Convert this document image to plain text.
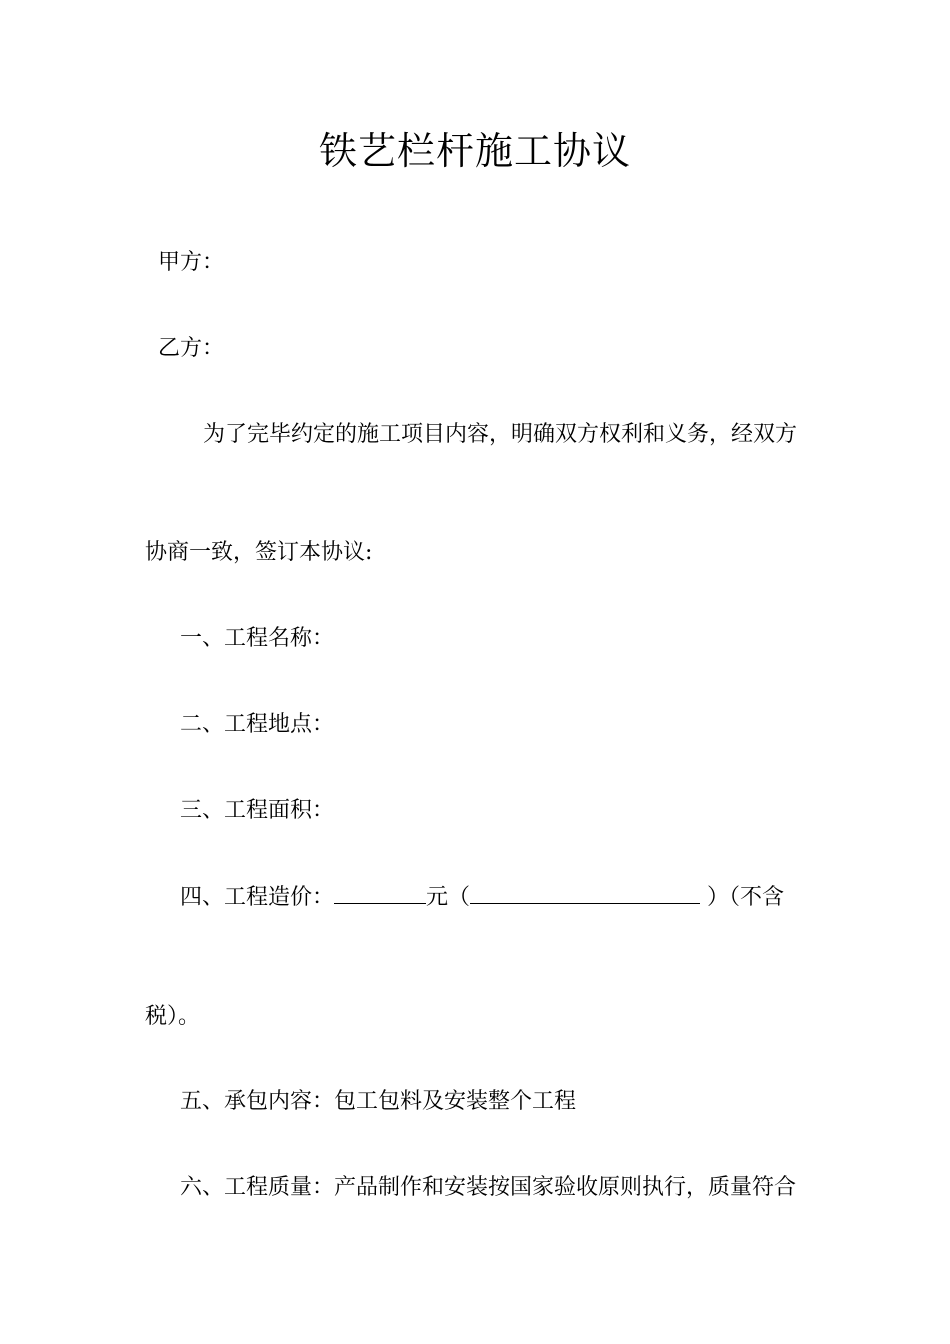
铁艺栏杆施工协议
甲方：
乙方：
为了完毕约定的施工项目内容，明确双方权利和义务，经双方
协商一致，签订本协议:
一、工程名称：
二、工程地点：
三、工程面积：
四、工程造价：	元（	）（不含
税）。
五、承包内容：包工包料及安装整个工程
六、工程质量：产品制作和安装按国家验收原则执行，质量符合
